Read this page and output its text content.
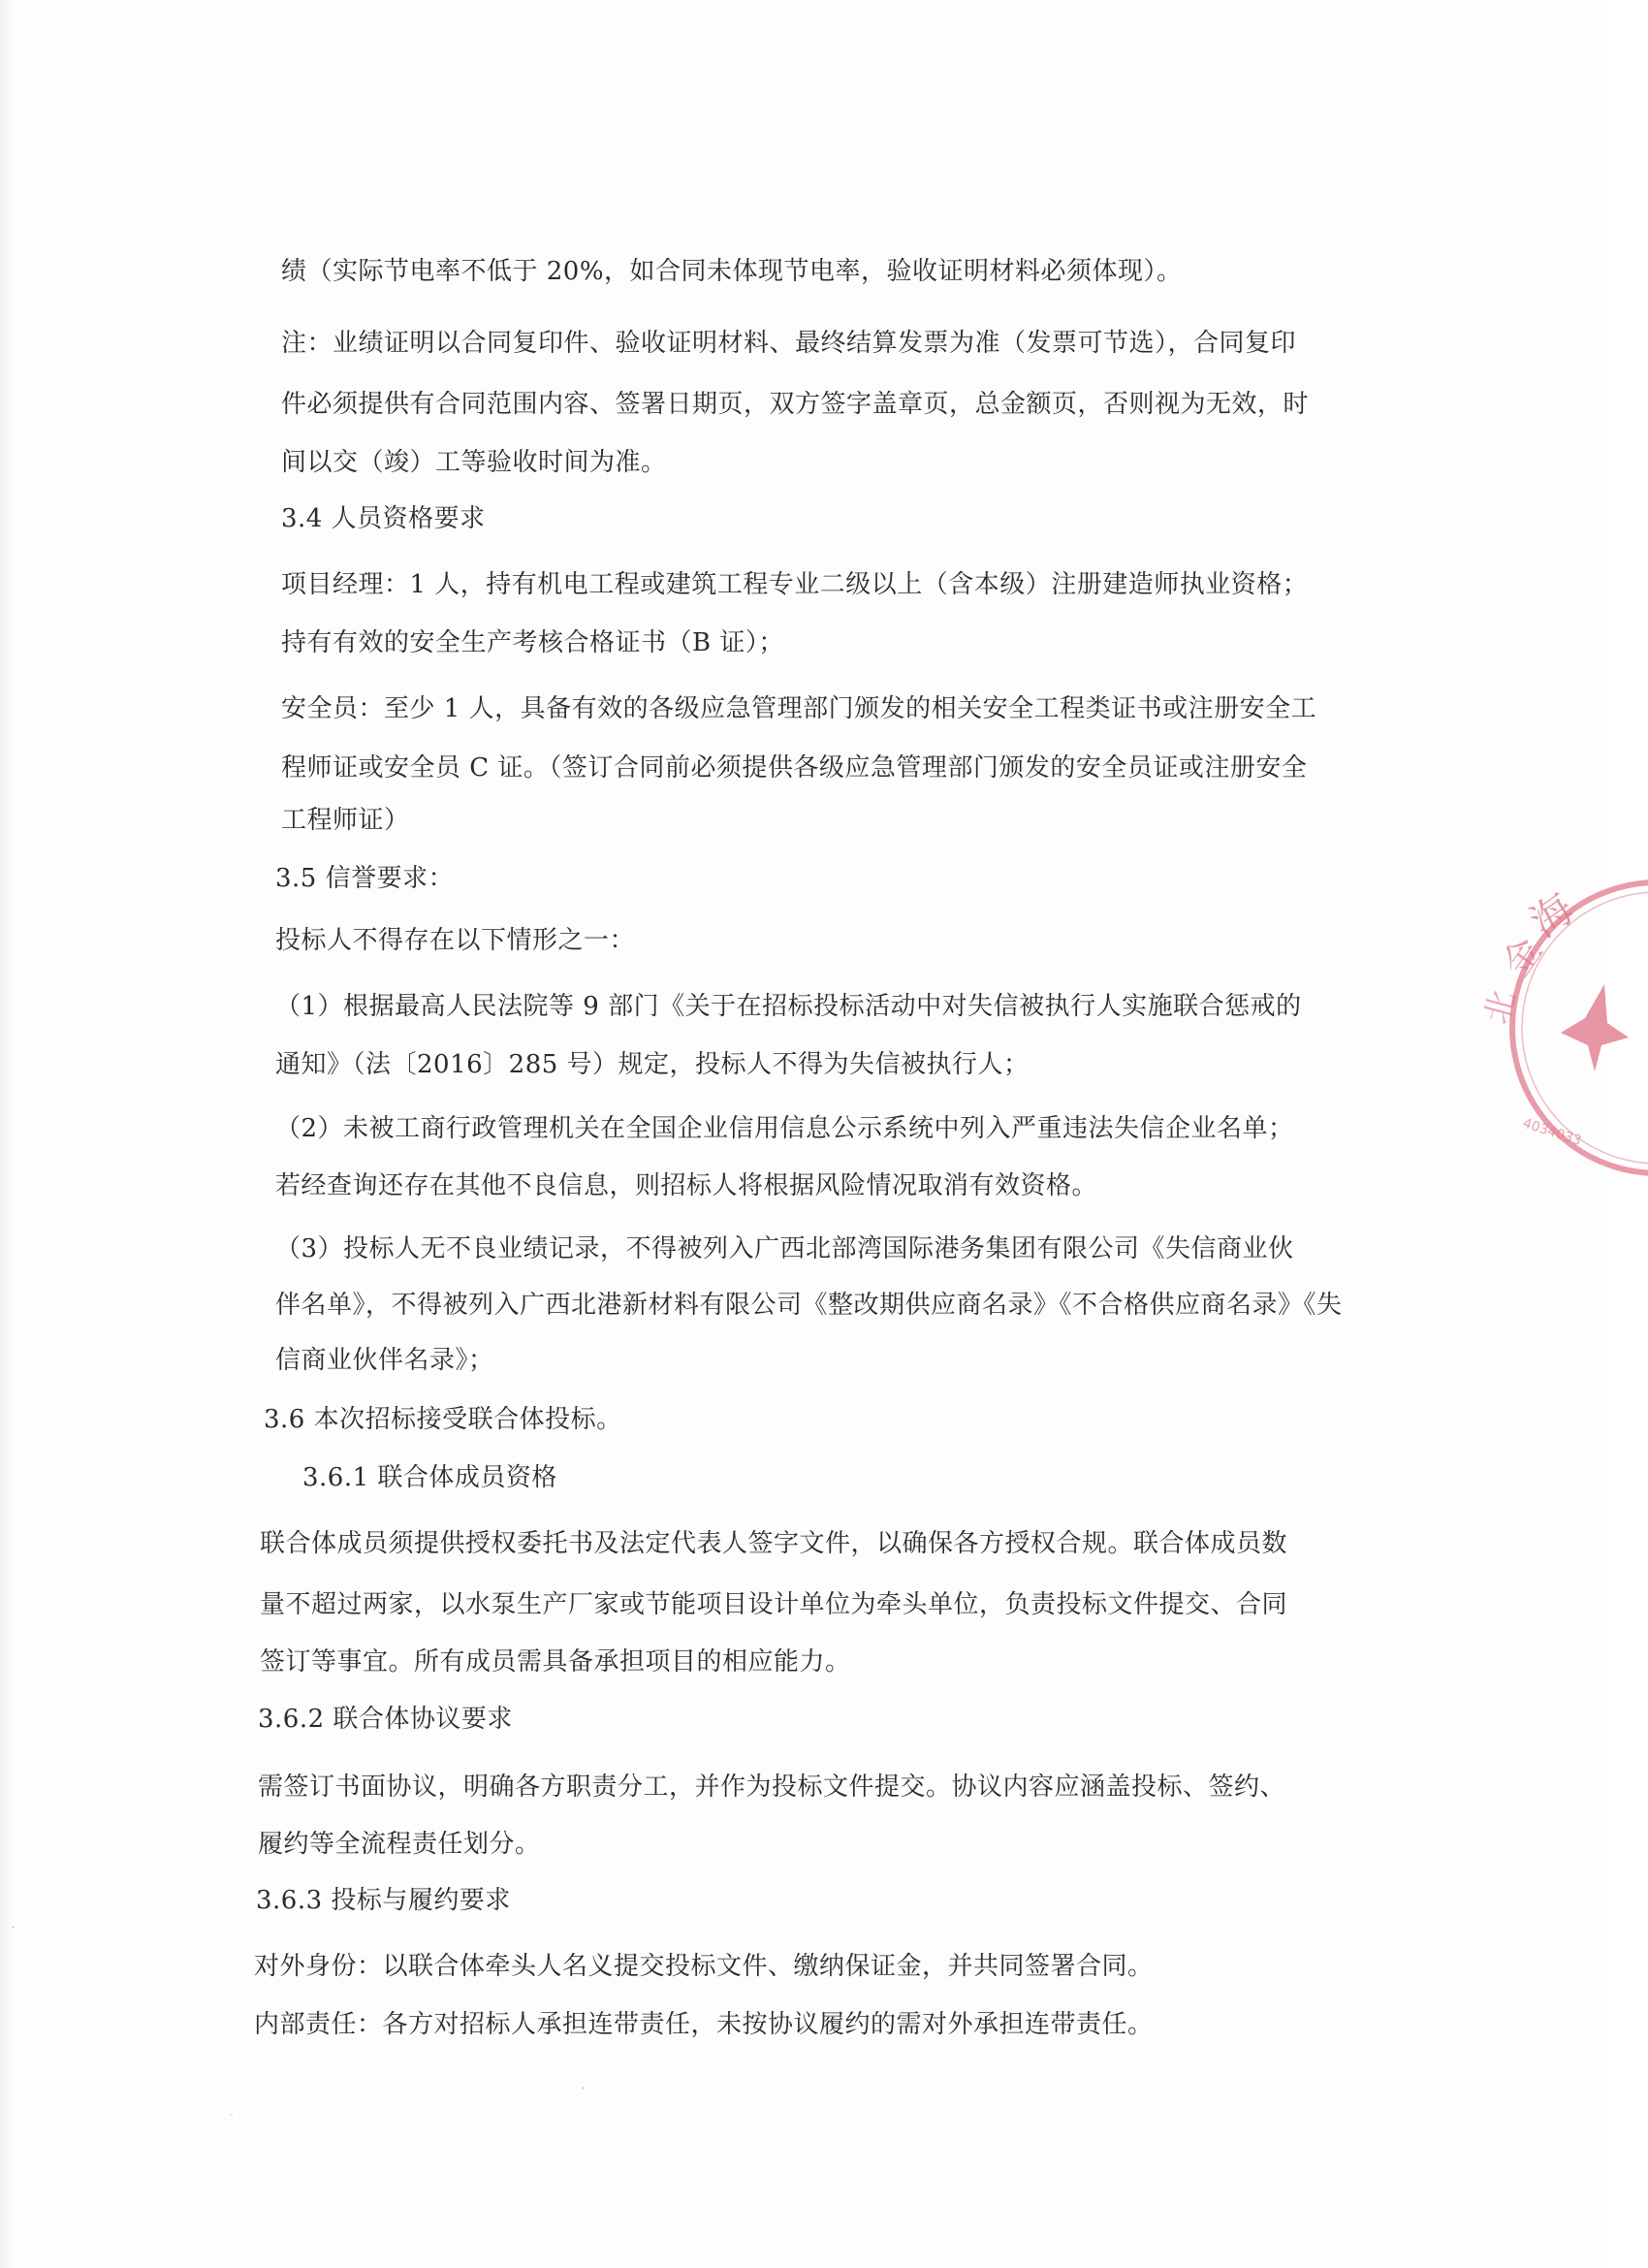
绩（实际节电率不低于 20%，如合同未体现节电率，验收证明材料必须体现）。
注：业绩证明以合同复印件、验收证明材料、最终结算发票为准（发票可节选），合同复印
件必须提供有合同范围内容、签署日期页，双方签字盖章页，总金额页，否则视为无效，时
间以交（竣）工等验收时间为准。
3.4 人员资格要求
项目经理：1 人，持有机电工程或建筑工程专业二级以上（含本级）注册建造师执业资格；
持有有效的安全生产考核合格证书（B 证）；
安全员：至少 1 人，具备有效的各级应急管理部门颁发的相关安全工程类证书或注册安全工
程师证或安全员 C 证。（签订合同前必须提供各级应急管理部门颁发的安全员证或注册安全
工程师证）
3.5 信誉要求：
投标人不得存在以下情形之一：
（1）根据最高人民法院等 9 部门《关于在招标投标活动中对失信被执行人实施联合惩戒的
通知》（法〔2016〕285 号）规定，投标人不得为失信被执行人；
（2）未被工商行政管理机关在全国企业信用信息公示系统中列入严重违法失信企业名单；
若经查询还存在其他不良信息，则招标人将根据风险情况取消有效资格。
（3）投标人无不良业绩记录，不得被列入广西北部湾国际港务集团有限公司《失信商业伙
伴名单》，不得被列入广西北港新材料有限公司《整改期供应商名录》《不合格供应商名录》《失
信商业伙伴名录》；
3.6 本次招标接受联合体投标。
3.6.1 联合体成员资格
联合体成员须提供授权委托书及法定代表人签字文件，以确保各方授权合规。联合体成员数
量不超过两家，以水泵生产厂家或节能项目设计单位为牵头单位，负责投标文件提交、合同
签订等事宜。所有成员需具备承担项目的相应能力。
3.6.2 联合体协议要求
需签订书面协议，明确各方职责分工，并作为投标文件提交。协议内容应涵盖投标、签约、
履约等全流程责任划分。
3.6.3 投标与履约要求
对外身份：以联合体牵头人名义提交投标文件、缴纳保证金，并共同签署合同。
内部责任：各方对招标人承担连带责任，未按协议履约的需对外承担连带责任。
海
金
北
4034033
